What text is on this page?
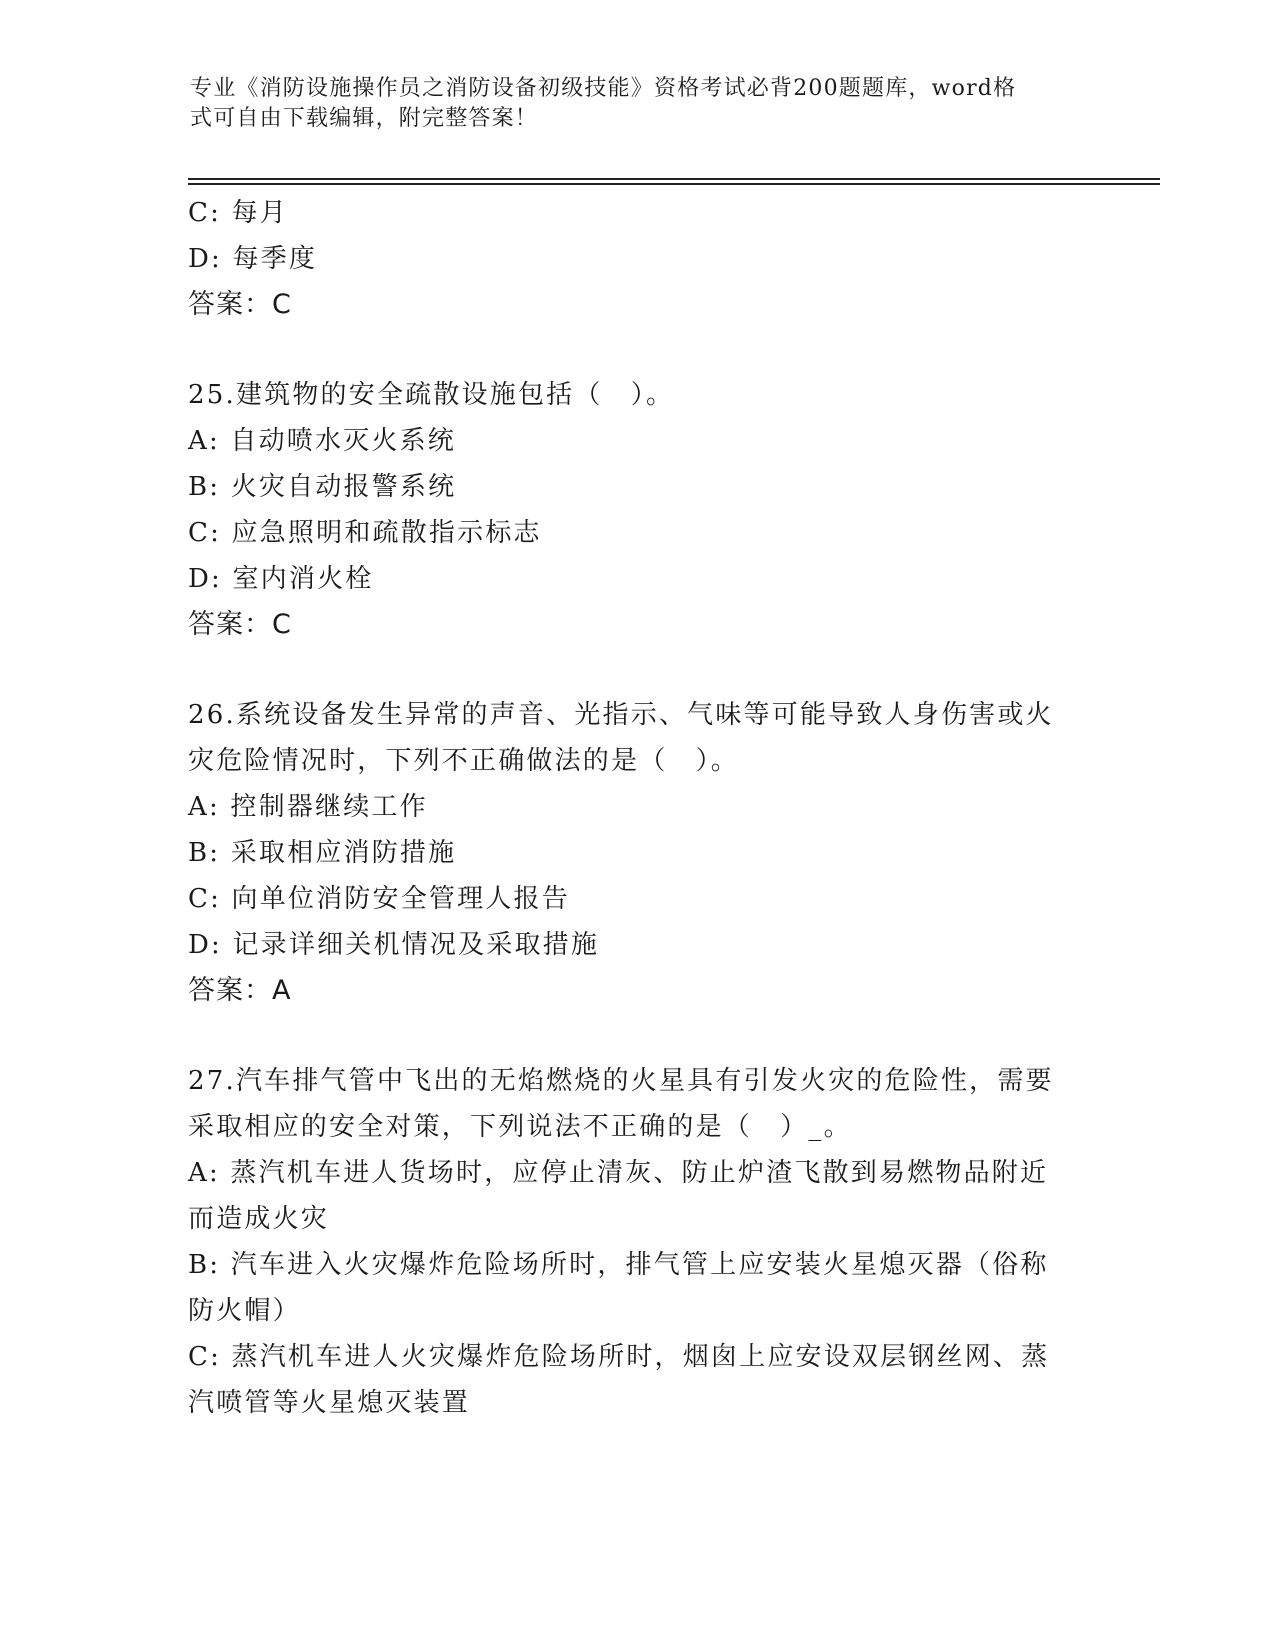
专业《消防设施操作员之消防设备初级技能》资格考试必背200题题库，word格
式可自由下载编辑，附完整答案！
C: 每月
D: 每季度
答案：C
25.建筑物的安全疏散设施包括（　）。
A: 自动喷水灭火系统
B: 火灾自动报警系统
C: 应急照明和疏散指示标志
D: 室内消火栓
答案：C
26.系统设备发生异常的声音、光指示、气味等可能导致人身伤害或火
灾危险情况时，下列不正确做法的是（　）。
A: 控制器继续工作
B: 采取相应消防措施
C: 向单位消防安全管理人报告
D: 记录详细关机情况及采取措施
答案：A
27.汽车排气管中飞出的无焰燃烧的火星具有引发火灾的危险性，需要
采取相应的安全对策，下列说法不正确的是（　）_。
A: 蒸汽机车进人货场时，应停止清灰、防止炉渣飞散到易燃物品附近
而造成火灾
B: 汽车进入火灾爆炸危险场所时，排气管上应安装火星熄灭器（俗称
防火帽）
C: 蒸汽机车进人火灾爆炸危险场所时，烟囱上应安设双层钢丝网、蒸
汽喷管等火星熄灭装置
